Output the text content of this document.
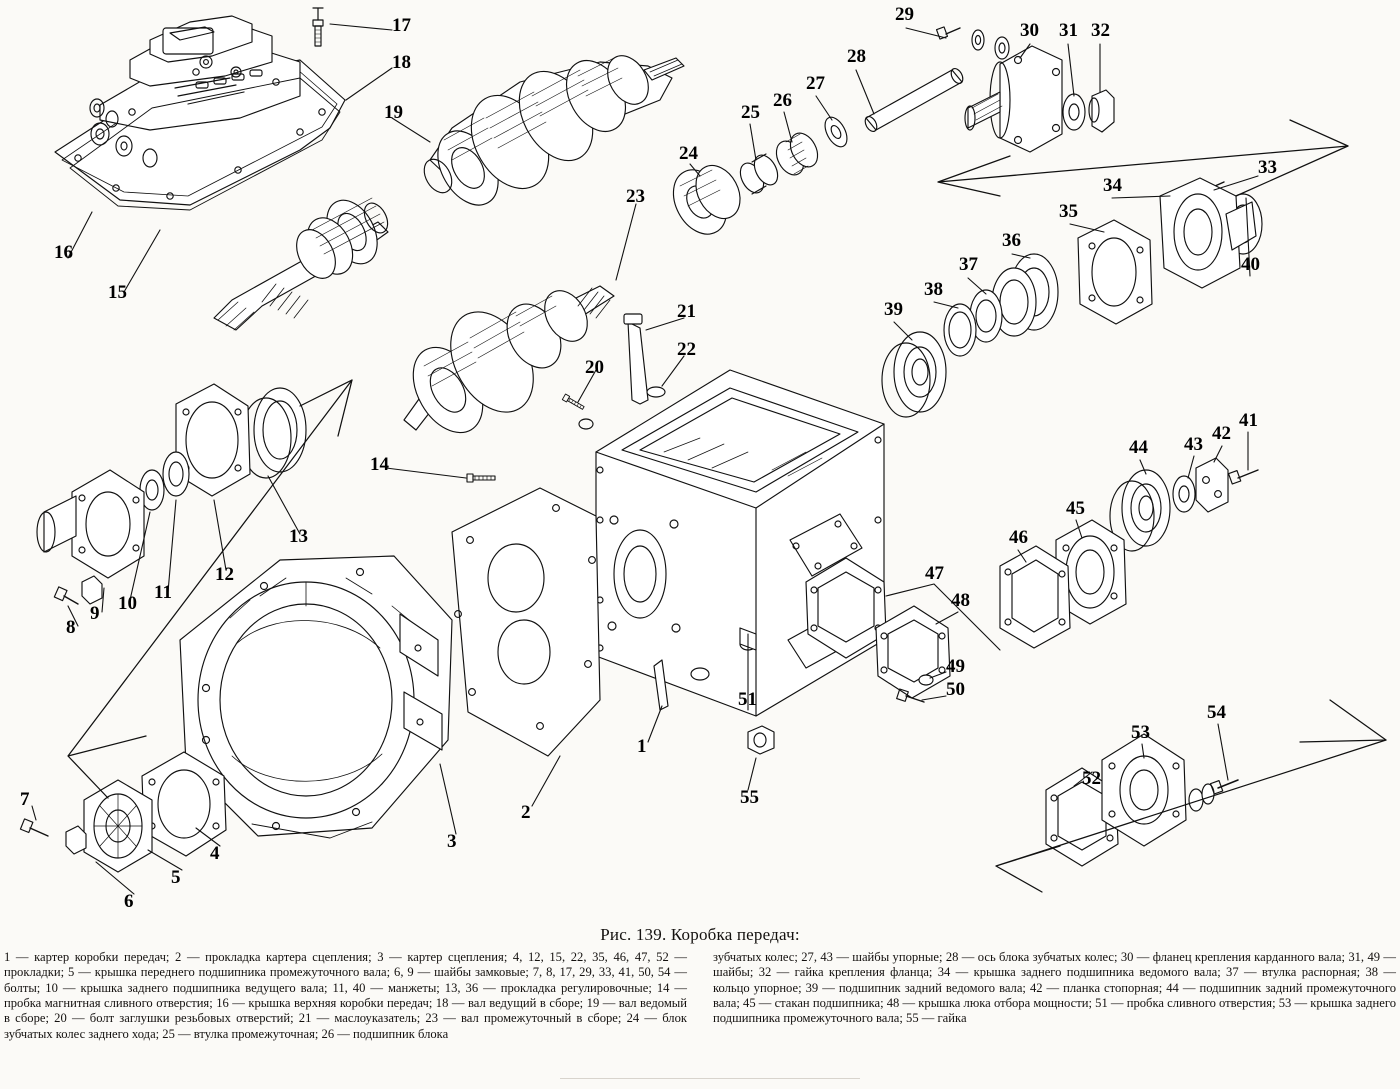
17
18
19
16
15
13
12
11
10
9
8
14
20
21
22
23
24
25
26
27
28
29
30 31 32
33
34
35
36
37
38
39
40
41
42
43
44
45
46
47
48
49
50
51
52
53
54
55
1
2
3
4
5
6
7
Рис. 139. Коробка передач:
1 — картер коробки передач; 2 — прокладка картера сцепления; 3 — картер сцепления; 4, 12, 15, 22, 35, 46, 47, 52 — прокладки; 5 — крышка переднего подшипника промежуточного вала; 6, 9 — шайбы замковые; 7, 8, 17, 29, 33, 41, 50, 54 — болты; 10 — крышка заднего подшипника ведущего вала; 11, 40 — манжеты; 13, 36 — прокладка регулировочные; 14 — пробка магнитная сливного отверстия; 16 — крышка верхняя коробки передач; 18 — вал ведущий в сборе; 19 — вал ведомый в сборе; 20 — болт заглушки резьбовых отверстий; 21 — маслоуказатель; 23 — вал промежуточный в сборе; 24 — блок зубчатых колес заднего хода; 25 — втулка промежуточная; 26 — подшипник блока
зубчатых колес; 27, 43 — шайбы упорные; 28 — ось блока зубчатых колес; 30 — фланец крепления карданного вала; 31, 49 — шайбы; 32 — гайка крепления фланца; 34 — крышка заднего подшипника ведомого вала; 37 — втулка распорная; 38 — кольцо упорное; 39 — подшипник задний ведомого вала; 42 — планка стопорная; 44 — подшипник задний промежуточного вала; 45 — стакан подшипника; 48 — крышка люка отбора мощности; 51 — пробка сливного отверстия; 53 — крышка заднего подшипника промежуточного вала; 55 — гайка
